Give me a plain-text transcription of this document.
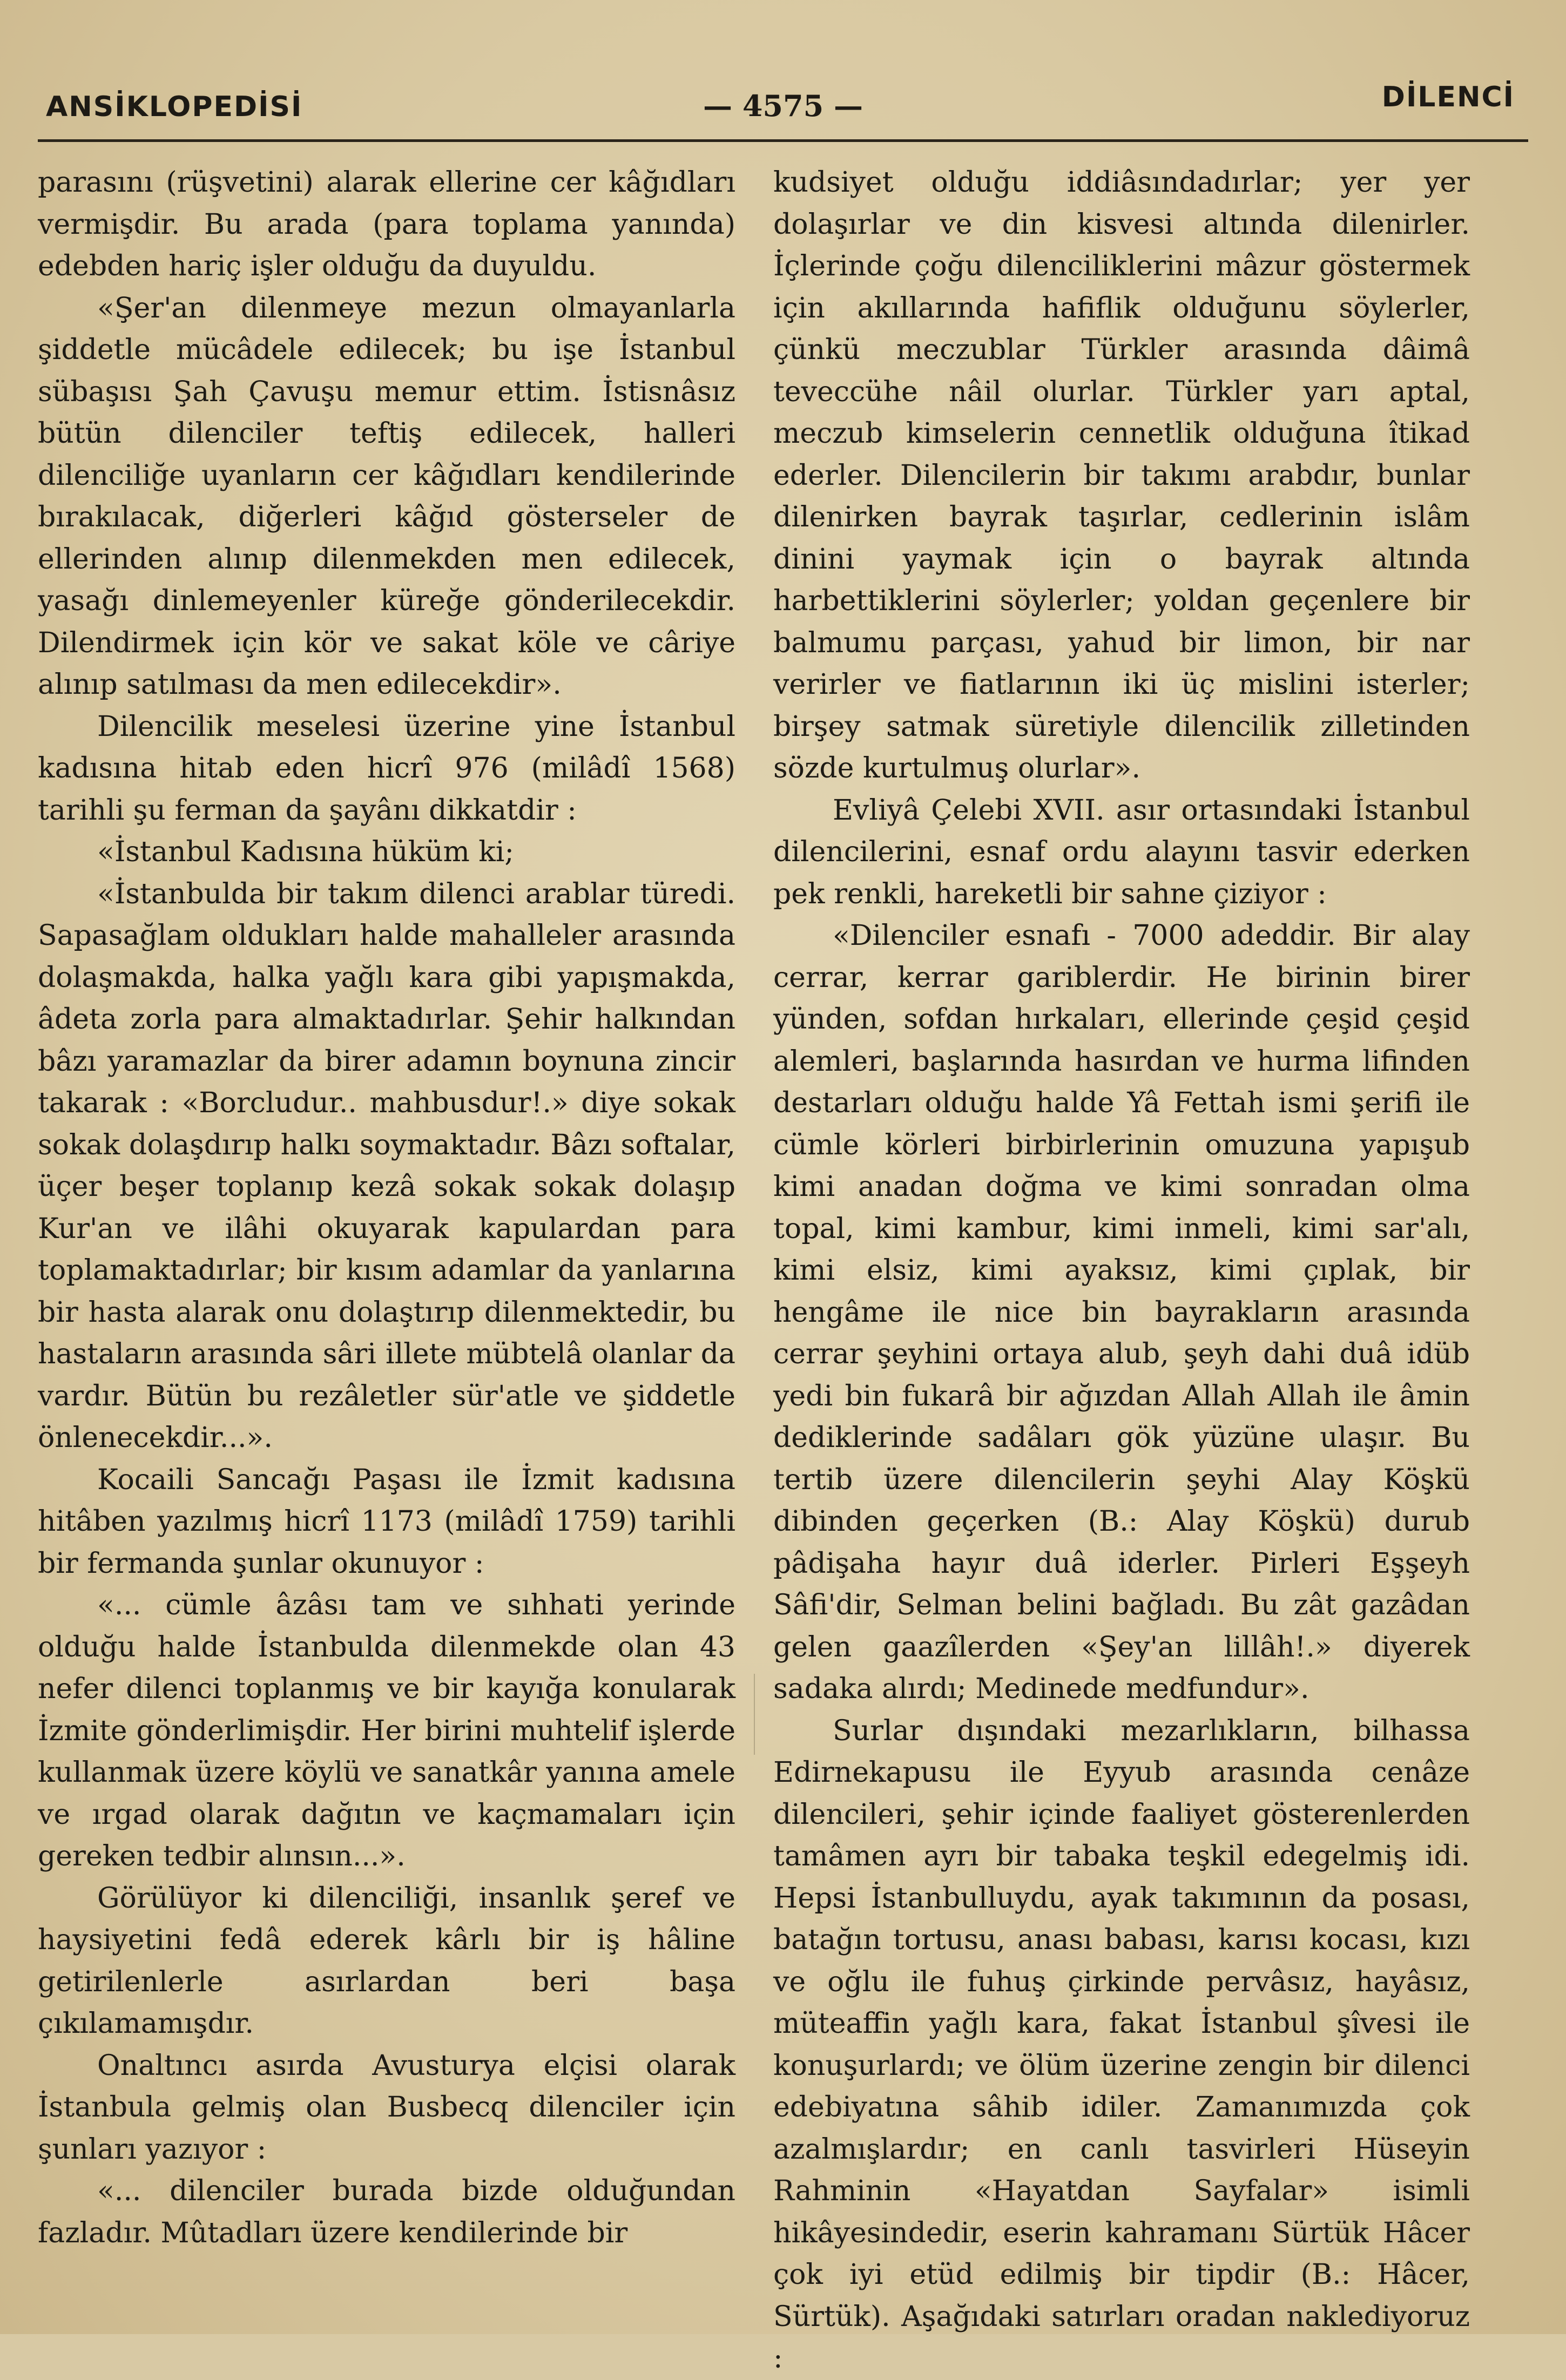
ANSİKLOPEDİSİ	— 4575 —	DİLENCİ

parasını (rüşvetini) alarak ellerine cer kâğıdları vermişdir. Bu arada (para toplama yanında) edebden hariç işler olduğu da duyuldu.

«Şer'an dilenmeye mezun olmayanlarla şiddetle mücâdele edilecek; bu işe İstanbul sübaşısı Şah Çavuşu memur ettim. İstisnâsız bütün dilenciler teftiş edilecek, halleri dilenciliğe uyanların cer kâğıdları kendilerinde bırakılacak, diğerleri kâğıd gösterseler de ellerinden alınıp dilenmekden men edilecek, yasağı dinlemeyenler küreğe gönderilecekdir. Dilendirmek için kör ve sakat köle ve câriye alınıp satılması da men edilecekdir».

Dilencilik meselesi üzerine yine İstanbul kadısına hitab eden hicrî 976 (milâdî 1568) tarihli şu ferman da şayânı dikkatdir :

«İstanbul Kadısına hüküm ki;

«İstanbulda bir takım dilenci arablar türedi. Sapasağlam oldukları halde mahalleler arasında dolaşmakda, halka yağlı kara gibi yapışmakda, âdeta zorla para almaktadırlar. Şehir halkından bâzı yaramazlar da birer adamın boynuna zincir takarak : «Borcludur.. mahbusdur!.» diye sokak sokak dolaşdırıp halkı soymaktadır. Bâzı softalar, üçer beşer toplanıp kezâ sokak sokak dolaşıp Kur'an ve ilâhi okuyarak kapulardan para toplamaktadırlar; bir kısım adamlar da yanlarına bir hasta alarak onu dolaştırıp dilenmektedir, bu hastaların arasında sâri illete mübtelâ olanlar da vardır. Bütün bu rezâletler sür'atle ve şiddetle önlenecekdir...».

Kocaili Sancağı Paşası ile İzmit kadısına hitâben yazılmış hicrî 1173 (milâdî 1759) tarihli bir fermanda şunlar okunuyor :

«... cümle âzâsı tam ve sıhhati yerinde olduğu halde İstanbulda dilenmekde olan 43 nefer dilenci toplanmış ve bir kayığa konularak İzmite gönderlimişdir. Her birini muhtelif işlerde kullanmak üzere köylü ve sanatkâr yanına amele ve ırgad olarak dağıtın ve kaçmamaları için gereken tedbir alınsın...».

Görülüyor ki dilenciliği, insanlık şeref ve haysiyetini fedâ ederek kârlı bir iş hâline getirilenlerle asırlardan beri başa çıkılamamışdır.

Onaltıncı asırda Avusturya elçisi olarak İstanbula gelmiş olan Busbecq dilenciler için şunları yazıyor :

«... dilenciler burada bizde olduğundan fazladır. Mûtadları üzere kendilerinde bir

kudsiyet olduğu iddiâsındadırlar; yer yer dolaşırlar ve din kisvesi altında dilenirler. İçlerinde çoğu dilenciliklerini mâzur göstermek için akıllarında hafiflik olduğunu söylerler, çünkü meczublar Türkler arasında dâimâ teveccühe nâil olurlar. Türkler yarı aptal, meczub kimselerin cennetlik olduğuna îtikad ederler. Dilencilerin bir takımı arabdır, bunlar dilenirken bayrak taşırlar, cedlerinin islâm dinini yaymak için o bayrak altında harbettiklerini söylerler; yoldan geçenlere bir balmumu parçası, yahud bir limon, bir nar verirler ve fiatlarının iki üç mislini isterler; birşey satmak süretiyle dilencilik zilletinden sözde kurtulmuş olurlar».

Evliyâ Çelebi XVII. asır ortasındaki İstanbul dilencilerini, esnaf ordu alayını tasvir ederken pek renkli, hareketli bir sahne çiziyor :

«Dilenciler esnafı - 7000 adeddir. Bir alay cerrar, kerrar gariblerdir. He birinin birer yünden, sofdan hırkaları, ellerinde çeşid çeşid alemleri, başlarında hasırdan ve hurma lifinden destarları olduğu halde Yâ Fettah ismi şerifi ile cümle körleri birbirlerinin omuzuna yapışub kimi anadan doğma ve kimi sonradan olma topal, kimi kambur, kimi inmeli, kimi sar'alı, kimi elsiz, kimi ayaksız, kimi çıplak, bir hengâme ile nice bin bayrakların arasında cerrar şeyhini ortaya alub, şeyh dahi duâ idüb yedi bin fukarâ bir ağızdan Allah Allah ile âmin dediklerinde sadâları gök yüzüne ulaşır. Bu tertib üzere dilencilerin şeyhi Alay Köşkü dibinden geçerken (B.: Alay Köşkü) durub pâdişaha hayır duâ iderler. Pirleri Eşşeyh Sâfi'dir, Selman belini bağladı. Bu zât gazâdan gelen gaazîlerden «Şey'an lillâh!.» diyerek sadaka alırdı; Medinede medfundur».

Surlar dışındaki mezarlıkların, bilhassa Edirnekapusu ile Eyyub arasında cenâze dilencileri, şehir içinde faaliyet gösterenlerden tamâmen ayrı bir tabaka teşkil edegelmiş idi. Hepsi İstanbulluydu, ayak takımının da posası, batağın tortusu, anası babası, karısı kocası, kızı ve oğlu ile fuhuş çirkinde pervâsız, hayâsız, müteaffin yağlı kara, fakat İstanbul şîvesi ile konuşurlardı; ve ölüm üzerine zengin bir dilenci edebiyatına sâhib idiler. Zamanımızda çok azalmışlardır; en canlı tasvirleri Hüseyin Rahminin «Hayatdan Sayfalar» isimli hikâyesindedir, eserin kahramanı Sürtük Hâcer çok iyi etüd edilmiş bir tipdir (B.: Hâcer, Sürtük). Aşağıdaki satırları oradan naklediyoruz :
